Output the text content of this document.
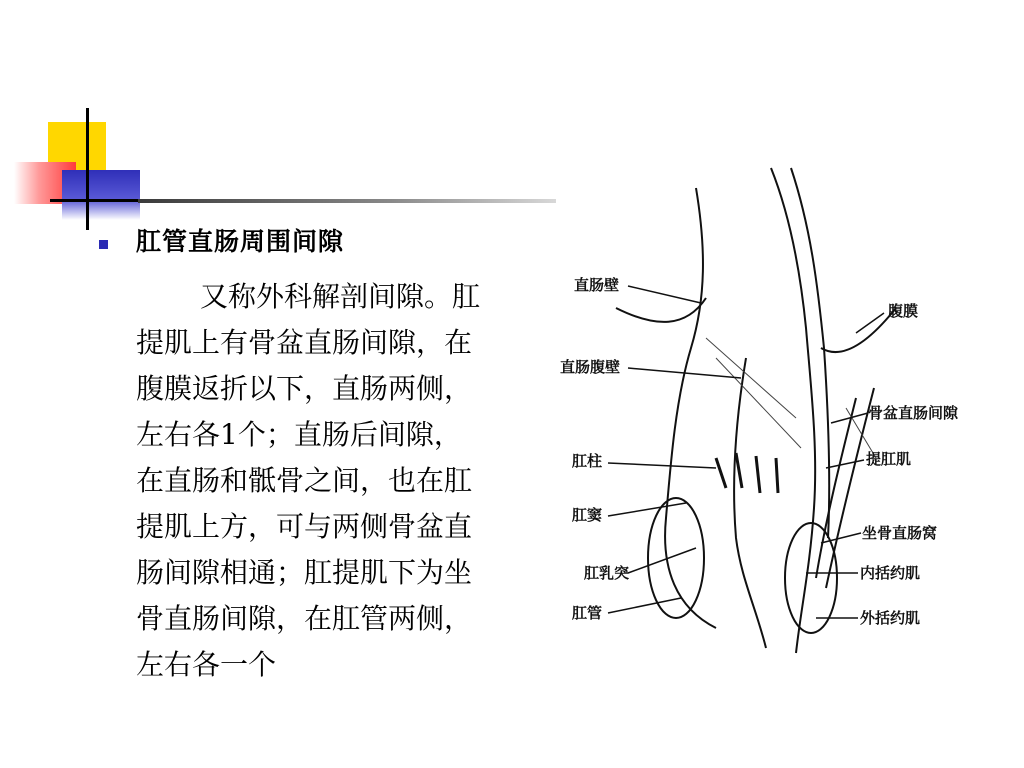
肛管直肠周围间隙

又称外科解剖间隙。肛提肌上有骨盆直肠间隙，在腹膜返折以下，直肠两侧，左右各1个；直肠后间隙，在直肠和骶骨之间，也在肛提肌上方，可与两侧骨盆直肠间隙相通；肛提肌下为坐骨直肠间隙，在肛管两侧，左右各一个

直肠壁
直肠腹壁
肛柱
肛窦
肛乳突
肛管
腹膜
骨盆直肠间隙
提肛肌
坐骨直肠窝
内括约肌
外括约肌
